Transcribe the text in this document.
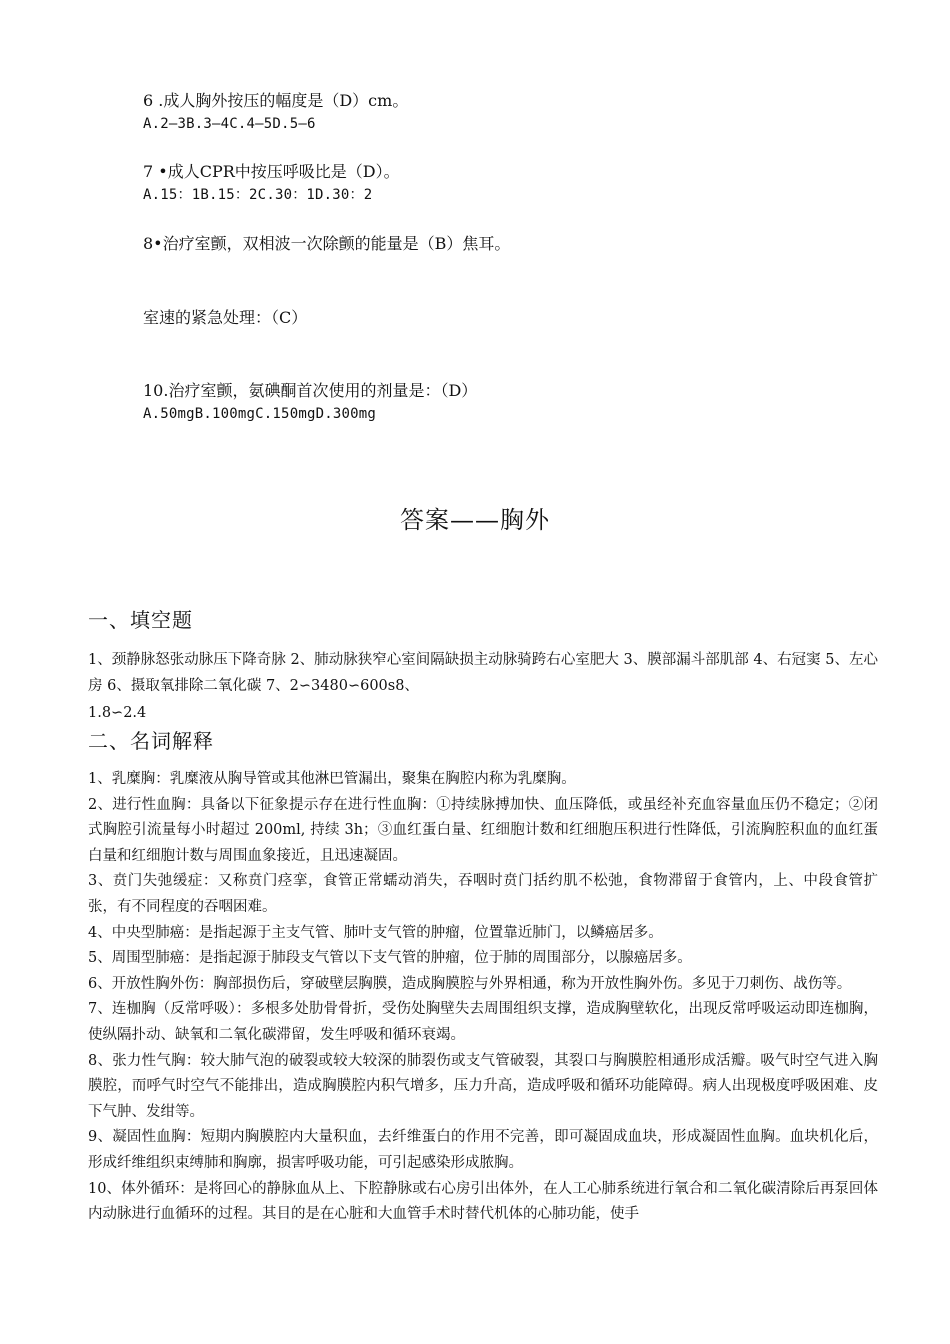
6 .成人胸外按压的幅度是（D）cm。
A.2—3B.3—4C.4—5D.5—6
7 •成人CPR中按压呼吸比是（D）。
A.15：1B.15：2C.30：1D.30：2
8•治疗室颤，双相波一次除颤的能量是（B）焦耳。
室速的紧急处理：（C）
10.治疗室颤，氨碘酮首次使用的剂量是：（D）
A.50mgB.100mgC.150mgD.300mg
答案——胸外
一、填空题

1、颈静脉怒张动脉压下降奇脉 2、肺动脉狭窄心室间隔缺损主动脉骑跨右心室肥大 3、膜部漏斗部肌部 4、右冠窦 5、左心房 6、摄取氧排除二氧化碳 7、2∽3480∽600s8、

1.8∽2.4
二、名词解释
1、乳糜胸：乳糜液从胸导管或其他淋巴管漏出，聚集在胸腔内称为乳糜胸。
2、进行性血胸：具备以下征象提示存在进行性血胸：①持续脉搏加快、血压降低，或虽经补充血容量血压仍不稳定；②闭式胸腔引流量每小时超过 200ml, 持续 3h；③血红蛋白量、红细胞计数和红细胞压积进行性降低，引流胸腔积血的血红蛋白量和红细胞计数与周围血象接近，且迅速凝固。
3、贲门失弛缓症：又称贲门痉挛，食管正常蠕动消失，吞咽时贲门括约肌不松弛，食物滞留于食管内，上、中段食管扩张，有不同程度的吞咽困难。
4、中央型肺癌：是指起源于主支气管、肺叶支气管的肿瘤，位置靠近肺门，以鳞癌居多。
5、周围型肺癌：是指起源于肺段支气管以下支气管的肿瘤，位于肺的周围部分，以腺癌居多。
6、开放性胸外伤：胸部损伤后，穿破壁层胸膜，造成胸膜腔与外界相通，称为开放性胸外伤。多见于刀刺伤、战伤等。
7、连枷胸（反常呼吸）：多根多处肋骨骨折，受伤处胸壁失去周围组织支撑，造成胸壁软化，出现反常呼吸运动即连枷胸，使纵隔扑动、缺氧和二氧化碳滞留，发生呼吸和循环衰竭。
8、张力性气胸：较大肺气泡的破裂或较大较深的肺裂伤或支气管破裂，其裂口与胸膜腔相通形成活瓣。吸气时空气进入胸膜腔，而呼气时空气不能排出，造成胸膜腔内积气增多，压力升高，造成呼吸和循环功能障碍。病人出现极度呼吸困难、皮下气肿、发绀等。
9、凝固性血胸：短期内胸膜腔内大量积血，去纤维蛋白的作用不完善，即可凝固成血块，形成凝固性血胸。血块机化后，形成纤维组织束缚肺和胸廓，损害呼吸功能，可引起感染形成脓胸。
10、体外循环：是将回心的静脉血从上、下腔静脉或右心房引出体外，在人工心肺系统进行氧合和二氧化碳清除后再泵回体内动脉进行血循环的过程。其目的是在心脏和大血管手术时替代机体的心肺功能，使手
